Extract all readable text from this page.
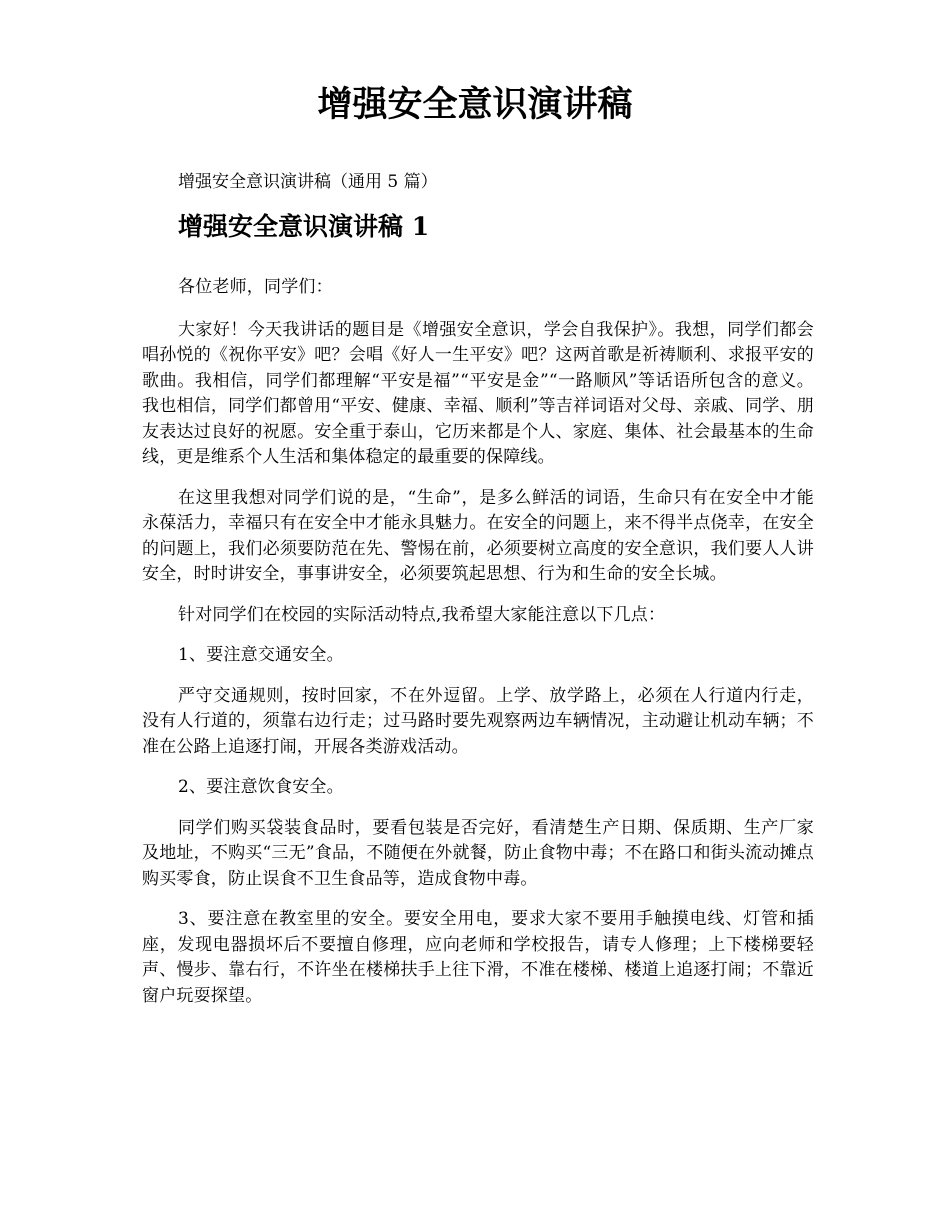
增强安全意识演讲稿

增强安全意识演讲稿（通用 5 篇）

增强安全意识演讲稿 1

各位老师，同学们：

大家好！今天我讲话的题目是《增强安全意识，学会自我保护》。我想，同学们都会唱孙悦的《祝你平安》吧？会唱《好人一生平安》吧？这两首歌是祈祷顺利、求报平安的歌曲。我相信，同学们都理解“平安是福”“平安是金”“一路顺风”等话语所包含的意义。我也相信，同学们都曾用“平安、健康、幸福、顺利”等吉祥词语对父母、亲戚、同学、朋友表达过良好的祝愿。安全重于泰山，它历来都是个人、家庭、集体、社会最基本的生命线，更是维系个人生活和集体稳定的最重要的保障线。

在这里我想对同学们说的是，“生命”，是多么鲜活的词语，生命只有在安全中才能永葆活力，幸福只有在安全中才能永具魅力。在安全的问题上，来不得半点侥幸，在安全的问题上，我们必须要防范在先、警惕在前，必须要树立高度的安全意识，我们要人人讲安全，时时讲安全，事事讲安全，必须要筑起思想、行为和生命的安全长城。

针对同学们在校园的实际活动特点,我希望大家能注意以下几点：

1、要注意交通安全。

严守交通规则，按时回家，不在外逗留。上学、放学路上，必须在人行道内行走，没有人行道的，须靠右边行走；过马路时要先观察两边车辆情况，主动避让机动车辆；不准在公路上追逐打闹，开展各类游戏活动。

2、要注意饮食安全。

同学们购买袋装食品时，要看包装是否完好，看清楚生产日期、保质期、生产厂家及地址，不购买“三无”食品，不随便在外就餐，防止食物中毒；不在路口和街头流动摊点购买零食，防止误食不卫生食品等，造成食物中毒。

3、要注意在教室里的安全。要安全用电，要求大家不要用手触摸电线、灯管和插座，发现电器损坏后不要擅自修理，应向老师和学校报告，请专人修理；上下楼梯要轻声、慢步、靠右行，不许坐在楼梯扶手上往下滑，不准在楼梯、楼道上追逐打闹；不靠近窗户玩耍探望。
